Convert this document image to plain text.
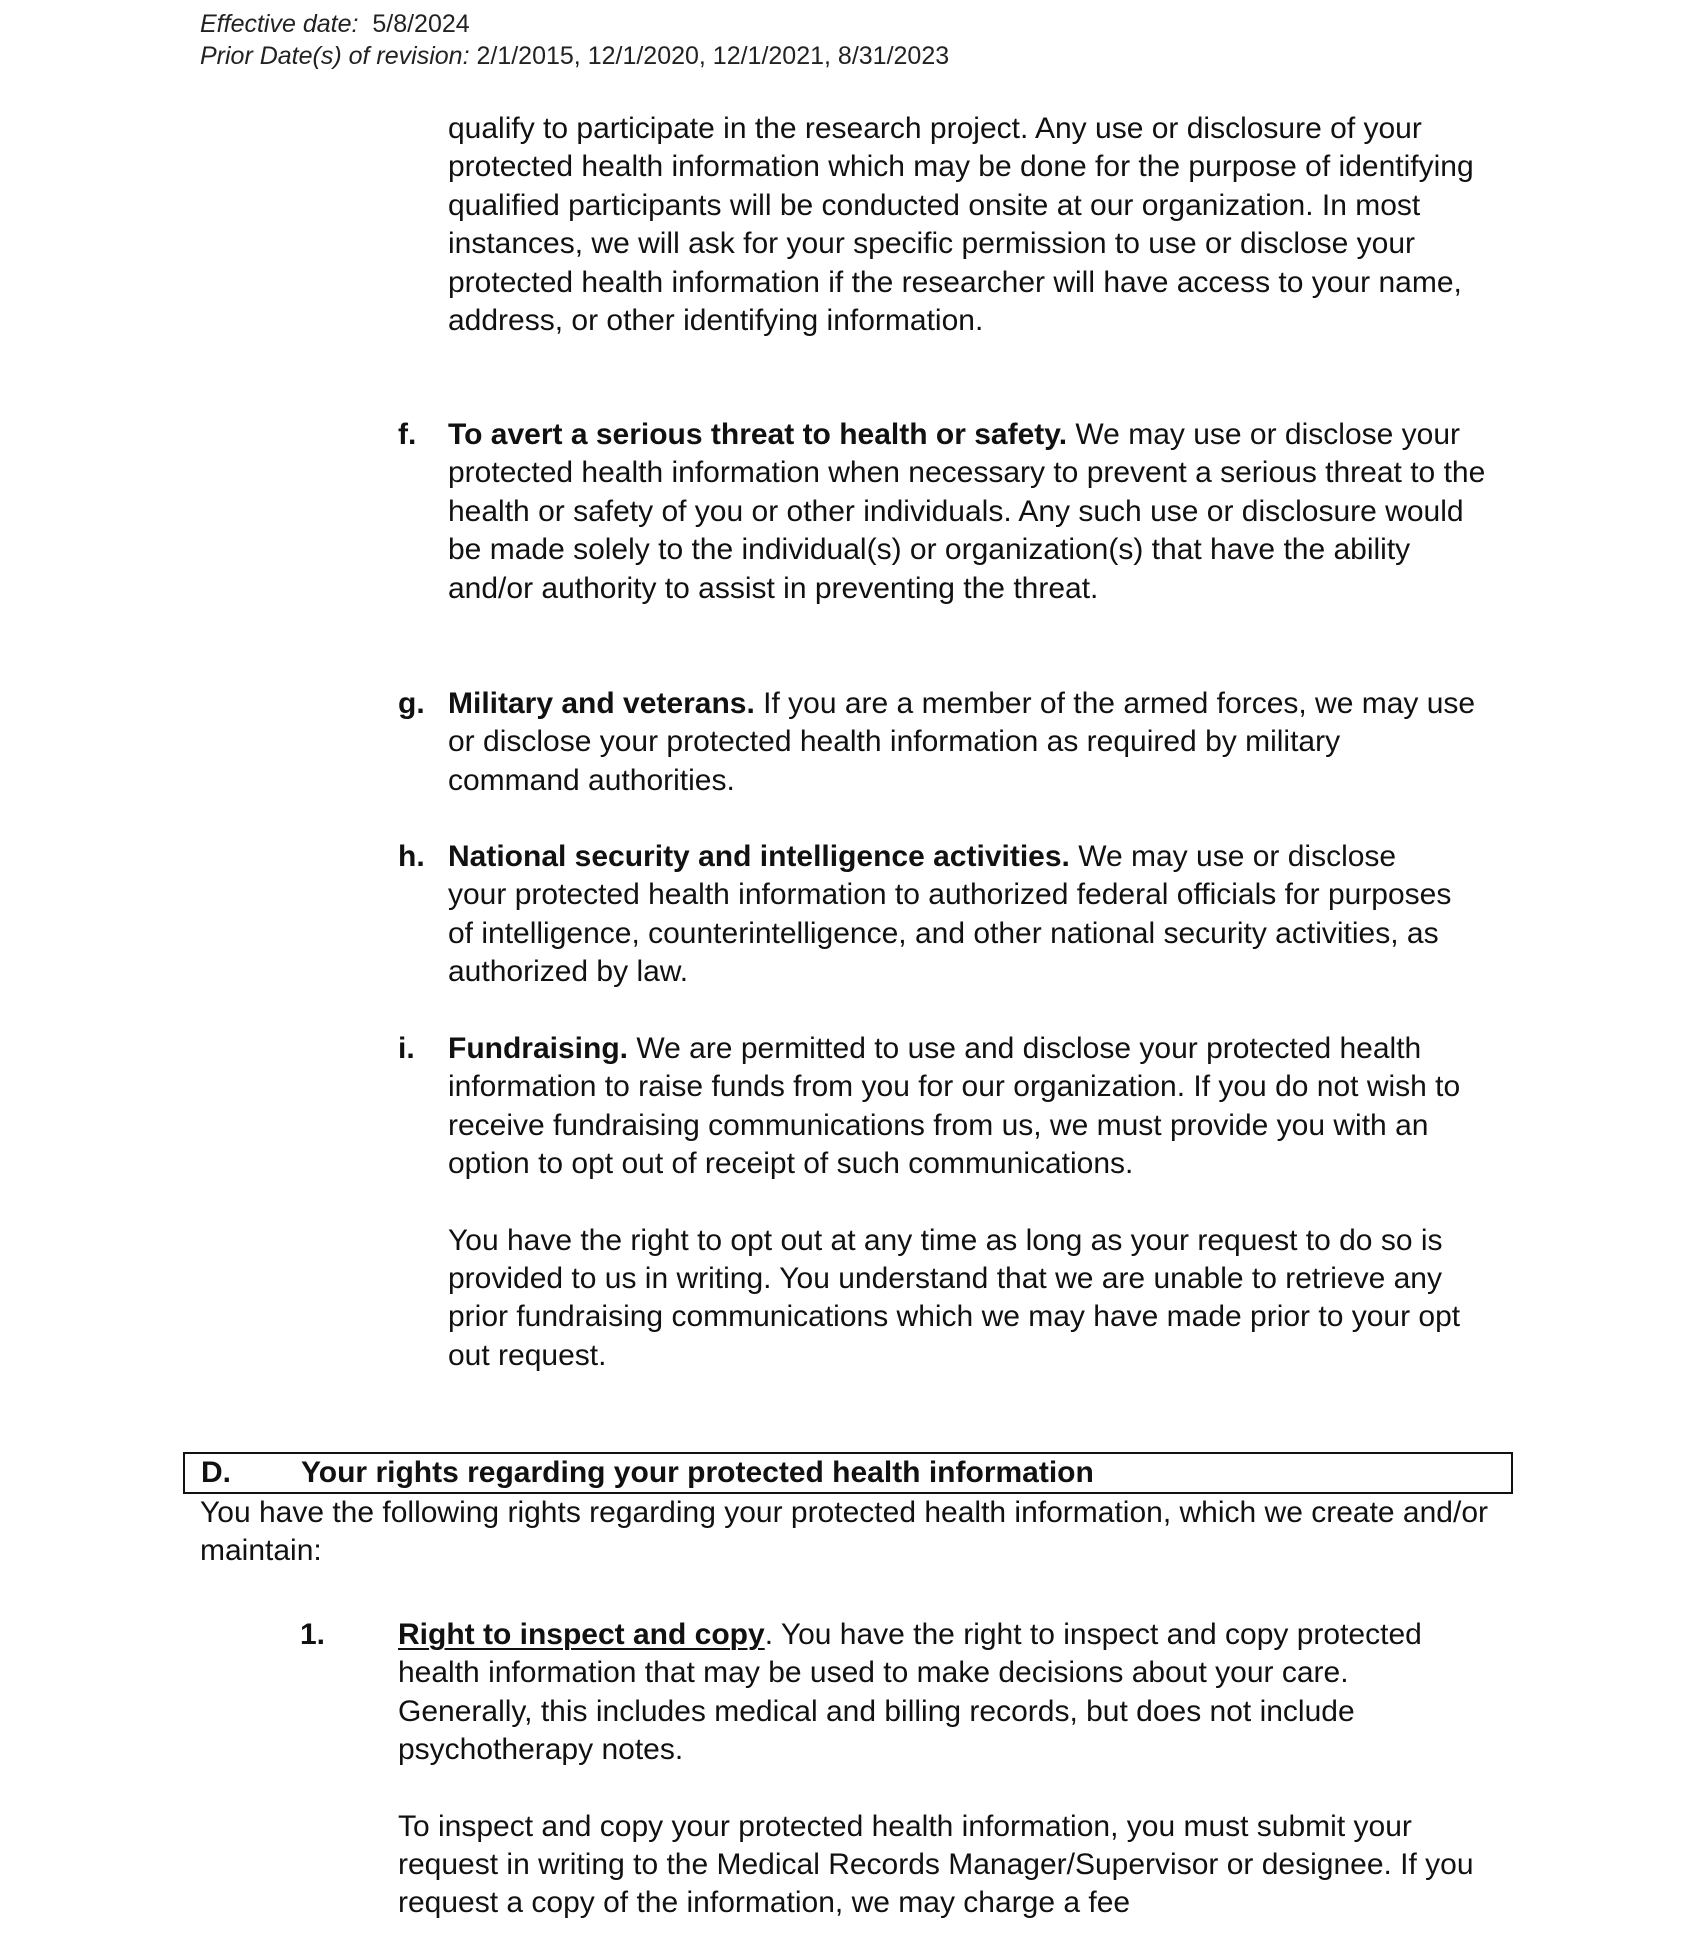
Effective date: 5/8/2024
Prior Date(s) of revision: 2/1/2015, 12/1/2020, 12/1/2021, 8/31/2023

qualify to participate in the research project. Any use or disclosure of your protected health information which may be done for the purpose of identifying qualified participants will be conducted onsite at our organization. In most instances, we will ask for your specific permission to use or disclose your protected health information if the researcher will have access to your name, address, or other identifying information.

f. To avert a serious threat to health or safety. We may use or disclose your protected health information when necessary to prevent a serious threat to the health or safety of you or other individuals. Any such use or disclosure would be made solely to the individual(s) or organization(s) that have the ability and/or authority to assist in preventing the threat.

g. Military and veterans. If you are a member of the armed forces, we may use or disclose your protected health information as required by military command authorities.

h. National security and intelligence activities. We may use or disclose your protected health information to authorized federal officials for purposes of intelligence, counterintelligence, and other national security activities, as authorized by law.

i. Fundraising. We are permitted to use and disclose your protected health information to raise funds from you for our organization. If you do not wish to receive fundraising communications from us, we must provide you with an option to opt out of receipt of such communications.

You have the right to opt out at any time as long as your request to do so is provided to us in writing. You understand that we are unable to retrieve any prior fundraising communications which we may have made prior to your opt out request.

D. Your rights regarding your protected health information

You have the following rights regarding your protected health information, which we create and/or maintain:

1. Right to inspect and copy. You have the right to inspect and copy protected health information that may be used to make decisions about your care. Generally, this includes medical and billing records, but does not include psychotherapy notes.

To inspect and copy your protected health information, you must submit your request in writing to the Medical Records Manager/Supervisor or designee. If you request a copy of the information, we may charge a fee
